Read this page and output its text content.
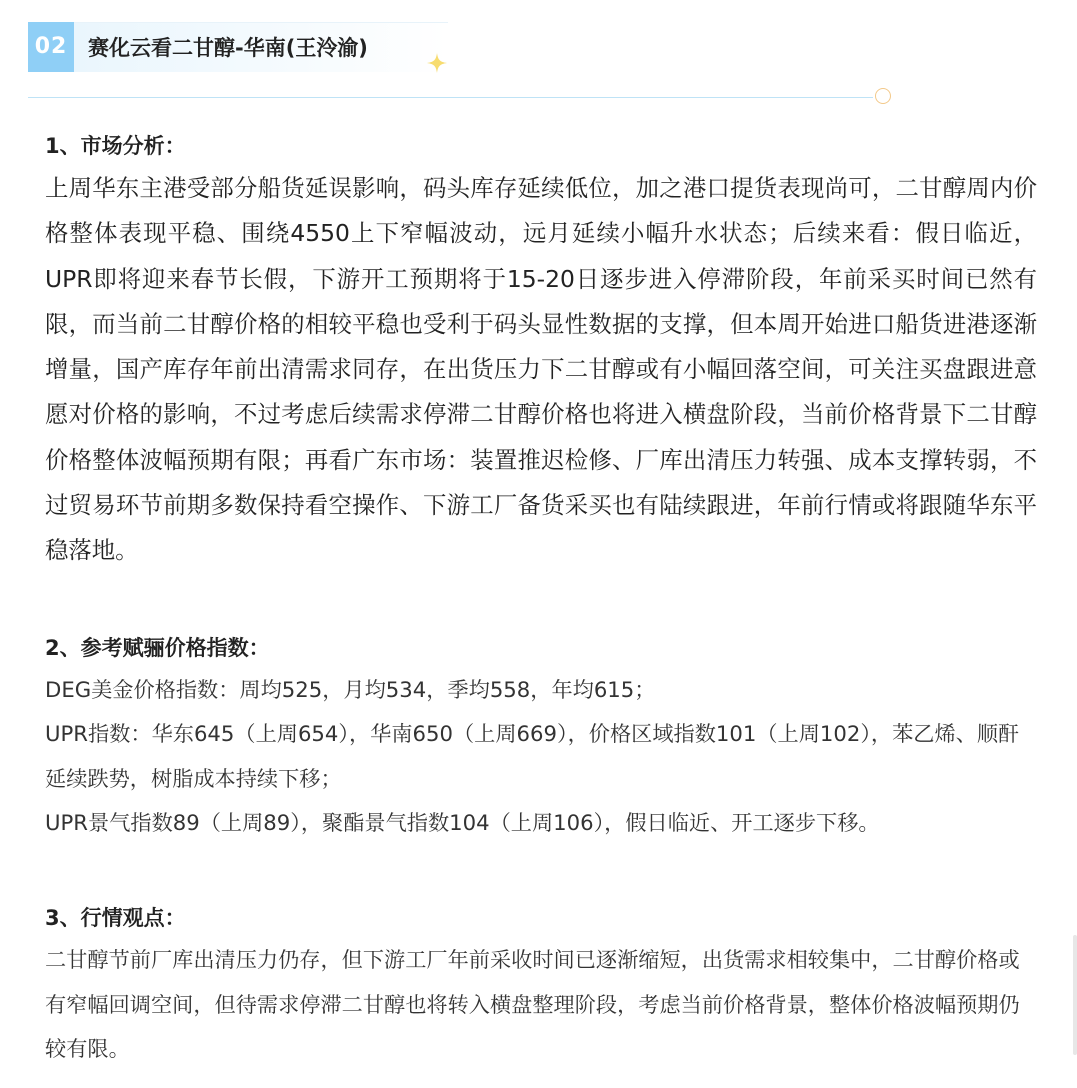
02 赛化云看二甘醇-华南(王泠渝)

1、市场分析：

上周华东主港受部分船货延误影响，码头库存延续低位，加之港口提货表现尚可，二甘醇周内价格整体表现平稳、围绕4550上下窄幅波动，远月延续小幅升水状态；后续来看：假日临近，UPR即将迎来春节长假，下游开工预期将于15-20日逐步进入停滞阶段，年前采买时间已然有限，而当前二甘醇价格的相较平稳也受利于码头显性数据的支撑，但本周开始进口船货进港逐渐增量，国产库存年前出清需求同存，在出货压力下二甘醇或有小幅回落空间，可关注买盘跟进意愿对价格的影响，不过考虑后续需求停滞二甘醇价格也将进入横盘阶段，当前价格背景下二甘醇价格整体波幅预期有限；再看广东市场：装置推迟检修、厂库出清压力转强、成本支撑转弱，不过贸易环节前期多数保持看空操作、下游工厂备货采买也有陆续跟进，年前行情或将跟随华东平稳落地。

2、参考赋骊价格指数：

DEG美金价格指数：周均525，月均534，季均558，年均615；

UPR指数：华东645（上周654），华南650（上周669），价格区域指数101（上周102），苯乙烯、顺酐延续跌势，树脂成本持续下移；

UPR景气指数89（上周89），聚酯景气指数104（上周106），假日临近、开工逐步下移。

3、行情观点：

二甘醇节前厂库出清压力仍存，但下游工厂年前采收时间已逐渐缩短，出货需求相较集中，二甘醇价格或有窄幅回调空间，但待需求停滞二甘醇也将转入横盘整理阶段，考虑当前价格背景，整体价格波幅预期仍较有限。
